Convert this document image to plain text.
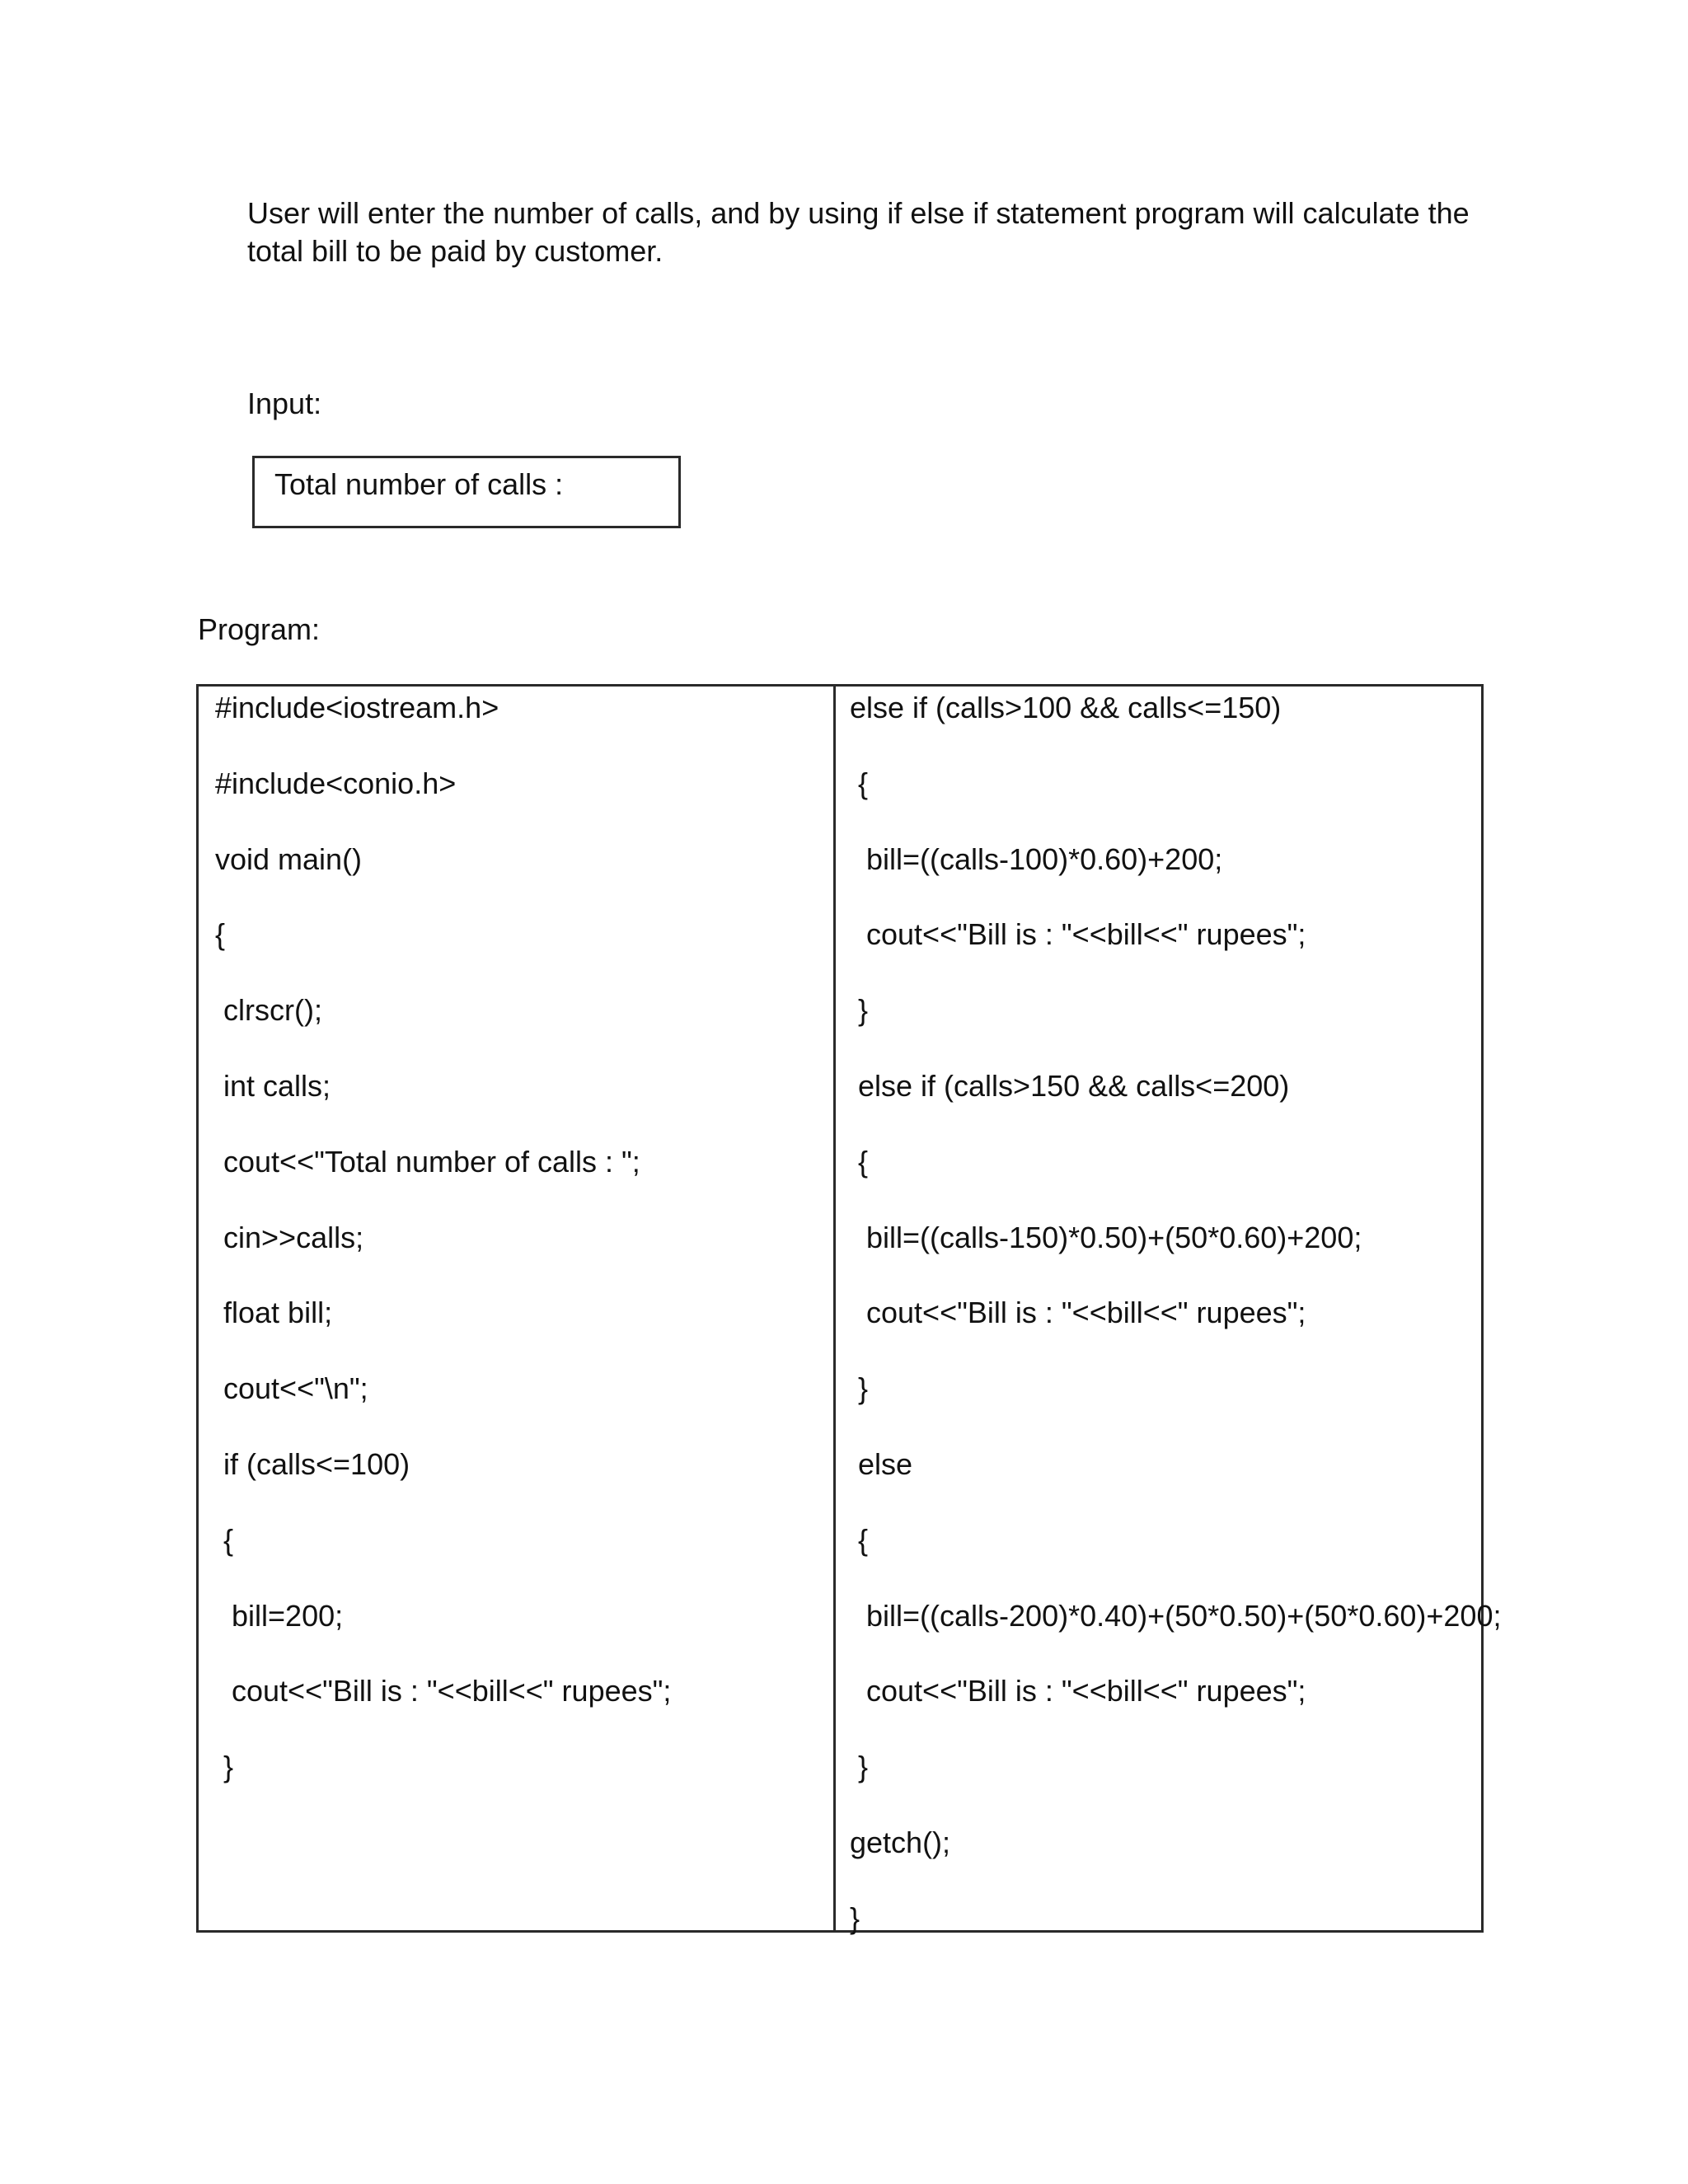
User will enter the number of calls, and by using if else if statement program will calculate the total bill to be paid by customer.

Input:

Total number of calls :

Program:

#include<iostream.h>
#include<conio.h>
void main()
{
clrscr();
int calls;
cout<<"Total number of calls : ";
cin>>calls;
float bill;
cout<<"\n";
if (calls<=100)
{
bill=200;
cout<<"Bill is : "<<bill<<" rupees";
}
else if (calls>100 && calls<=150)
{
bill=((calls-100)*0.60)+200;
cout<<"Bill is : "<<bill<<" rupees";
}
else if (calls>150 && calls<=200)
{
bill=((calls-150)*0.50)+(50*0.60)+200;
cout<<"Bill is : "<<bill<<" rupees";
}
else
{
bill=((calls-200)*0.40)+(50*0.50)+(50*0.60)+200;
cout<<"Bill is : "<<bill<<" rupees";
}
getch();
}
